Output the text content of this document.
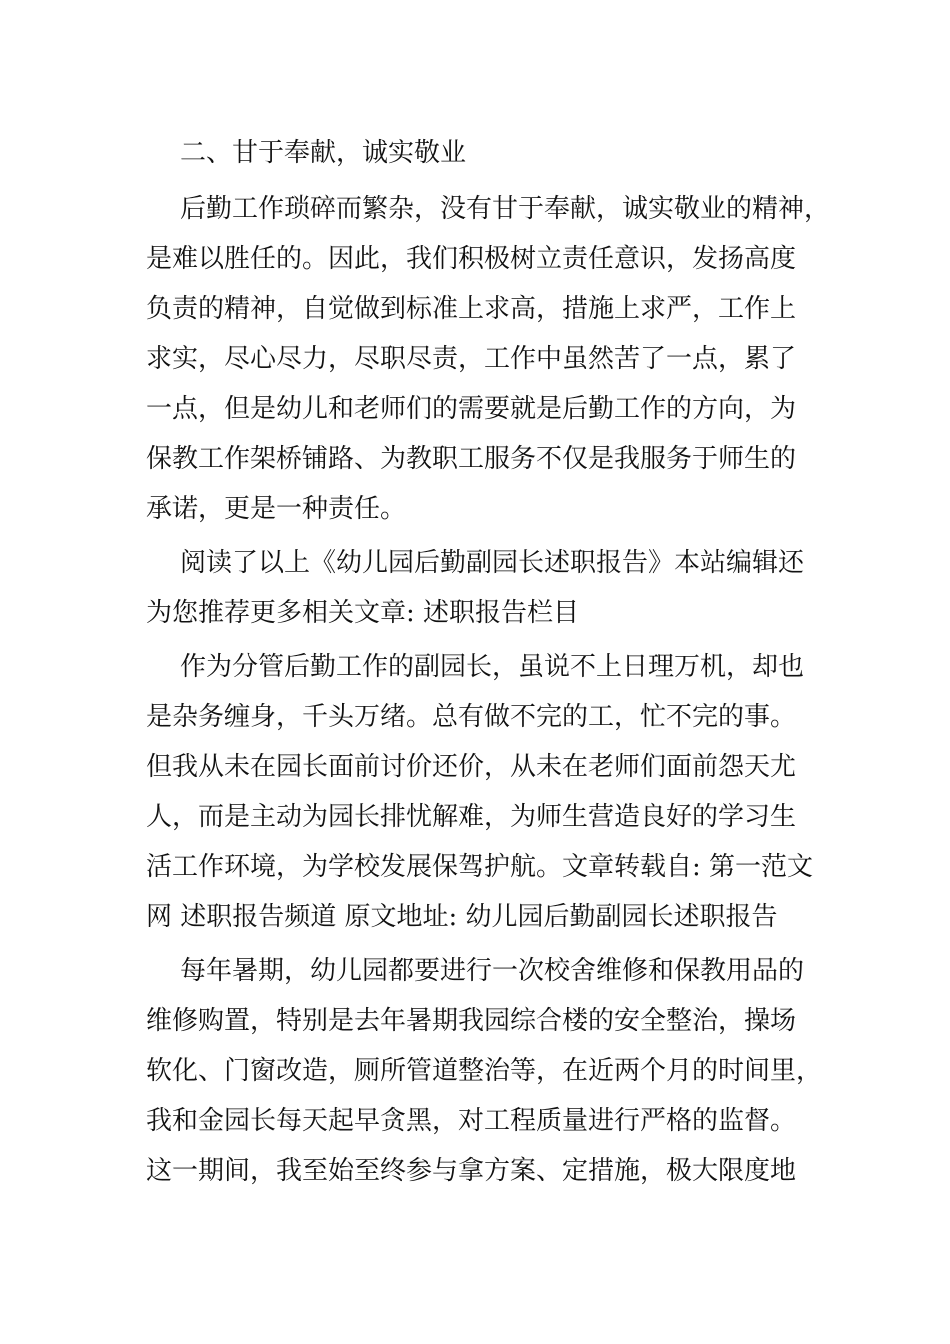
二、甘于奉献，诚实敬业

后勤工作琐碎而繁杂，没有甘于奉献，诚实敬业的精神，

是难以胜任的。因此，我们积极树立责任意识，发扬高度

负责的精神，自觉做到标准上求高，措施上求严，工作上

求实，尽心尽力，尽职尽责，工作中虽然苦了一点，累了

一点，但是幼儿和老师们的需要就是后勤工作的方向，为

保教工作架桥铺路、为教职工服务不仅是我服务于师生的

承诺，更是一种责任。

阅读了以上《幼儿园后勤副园长述职报告》本站编辑还

为您推荐更多相关文章: 述职报告栏目

作为分管后勤工作的副园长，虽说不上日理万机，却也

是杂务缠身，千头万绪。总有做不完的工，忙不完的事。

但我从未在园长面前讨价还价，从未在老师们面前怨天尤

人，而是主动为园长排忧解难，为师生营造良好的学习生

活工作环境，为学校发展保驾护航。文章转载自: 第一范文

网 述职报告频道 原文地址: 幼儿园后勤副园长述职报告

每年暑期，幼儿园都要进行一次校舍维修和保教用品的

维修购置，特别是去年暑期我园综合楼的安全整治，操场

软化、门窗改造，厕所管道整治等，在近两个月的时间里，

我和金园长每天起早贪黑，对工程质量进行严格的监督。

这一期间，我至始至终参与拿方案、定措施，极大限度地
